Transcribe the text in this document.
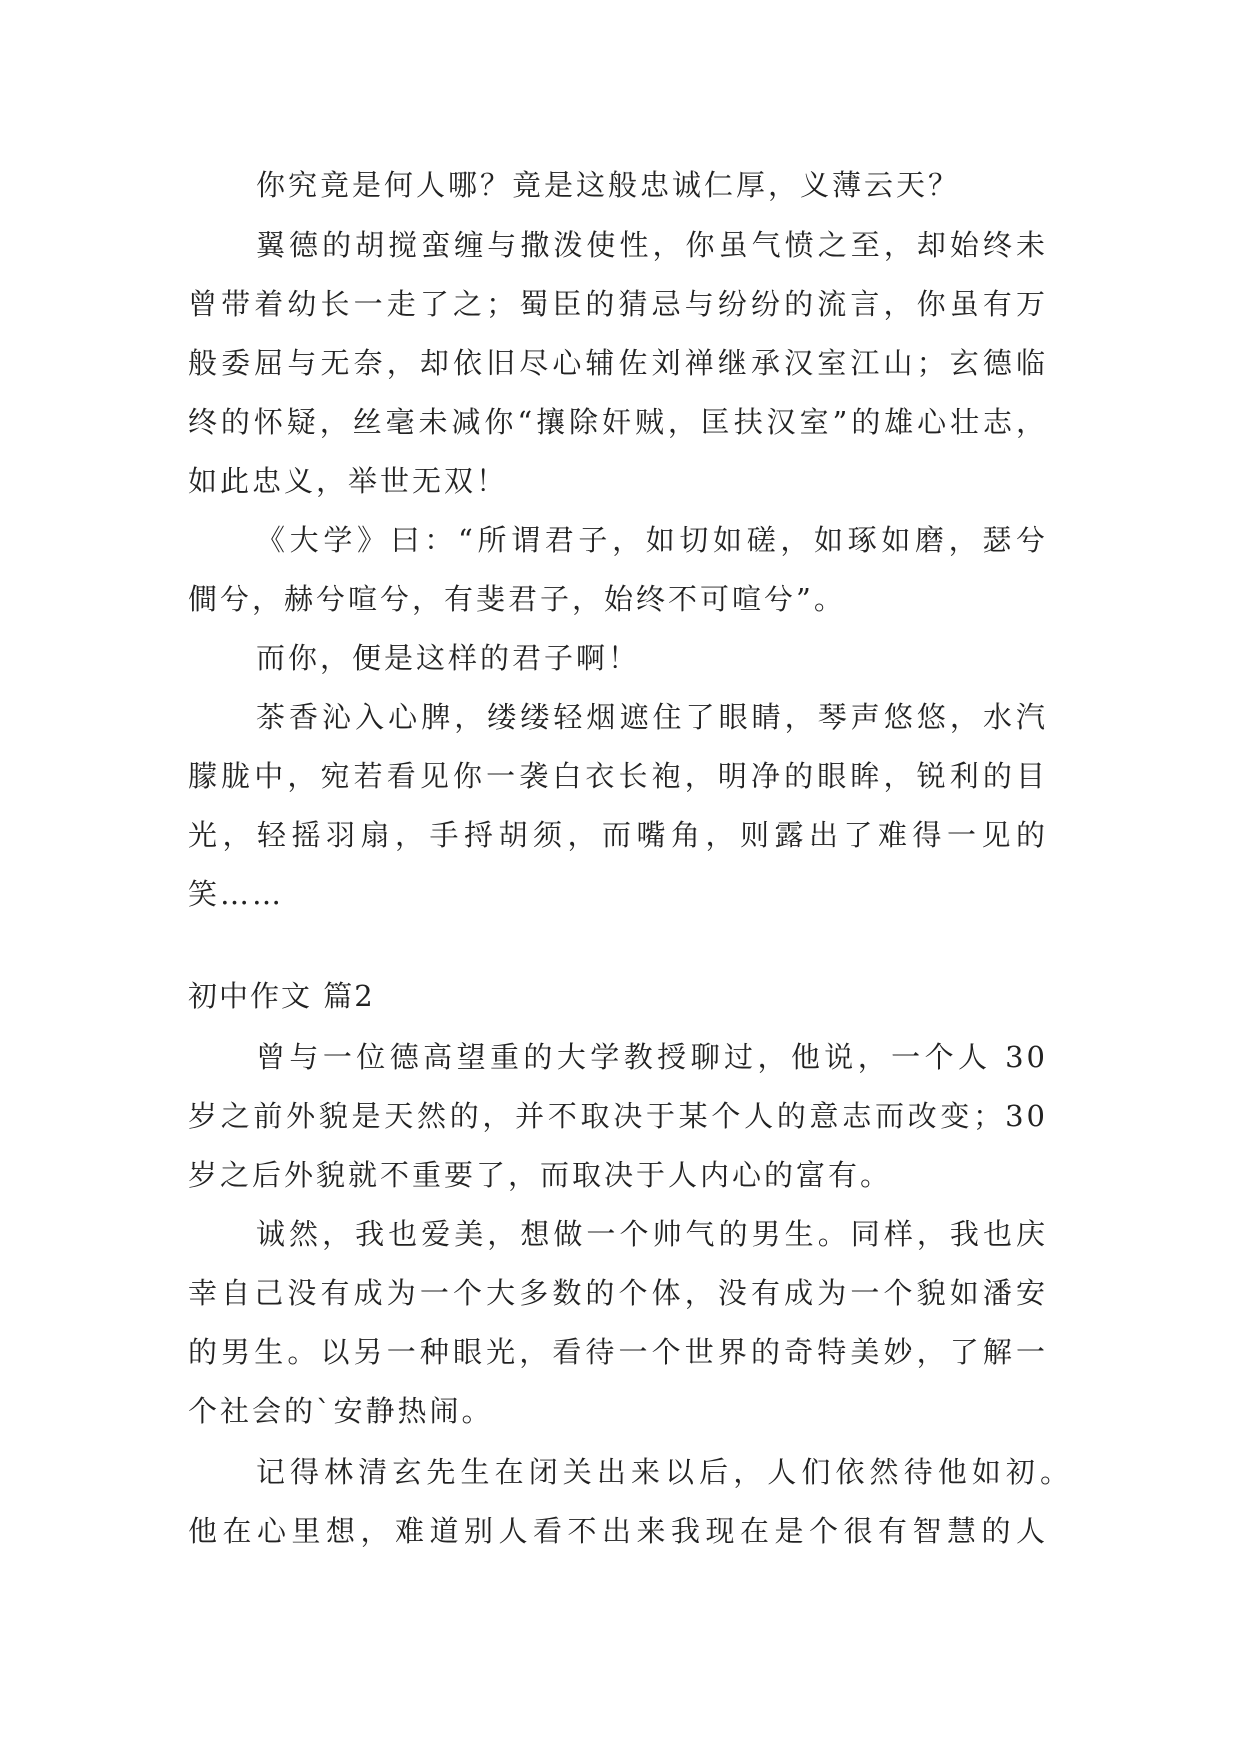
你究竟是何人哪？竟是这般忠诚仁厚，义薄云天？
翼德的胡搅蛮缠与撒泼使性，你虽气愤之至，却始终未
曾带着幼长一走了之；蜀臣的猜忌与纷纷的流言，你虽有万
般委屈与无奈，却依旧尽心辅佐刘禅继承汉室江山；玄德临
终的怀疑，丝毫未减你“攘除奸贼，匡扶汉室”的雄心壮志，
如此忠义，举世无双！
《大学》曰：“所谓君子，如切如磋，如琢如磨，瑟兮
僴兮，赫兮喧兮，有斐君子，始终不可喧兮”。
而你，便是这样的君子啊！
茶香沁入心脾，缕缕轻烟遮住了眼睛，琴声悠悠，水汽
朦胧中，宛若看见你一袭白衣长袍，明净的眼眸，锐利的目
光，轻摇羽扇，手捋胡须，而嘴角，则露出了难得一见的
笑……
初中作文 篇2
曾与一位德高望重的大学教授聊过，他说，一个人 30
岁之前外貌是天然的，并不取决于某个人的意志而改变；30
岁之后外貌就不重要了，而取决于人内心的富有。
诚然，我也爱美，想做一个帅气的男生。同样，我也庆
幸自己没有成为一个大多数的个体，没有成为一个貌如潘安
的男生。以另一种眼光，看待一个世界的奇特美妙，了解一
个社会的`安静热闹。
记得林清玄先生在闭关出来以后，人们依然待他如初。
他在心里想，难道别人看不出来我现在是个很有智慧的人
